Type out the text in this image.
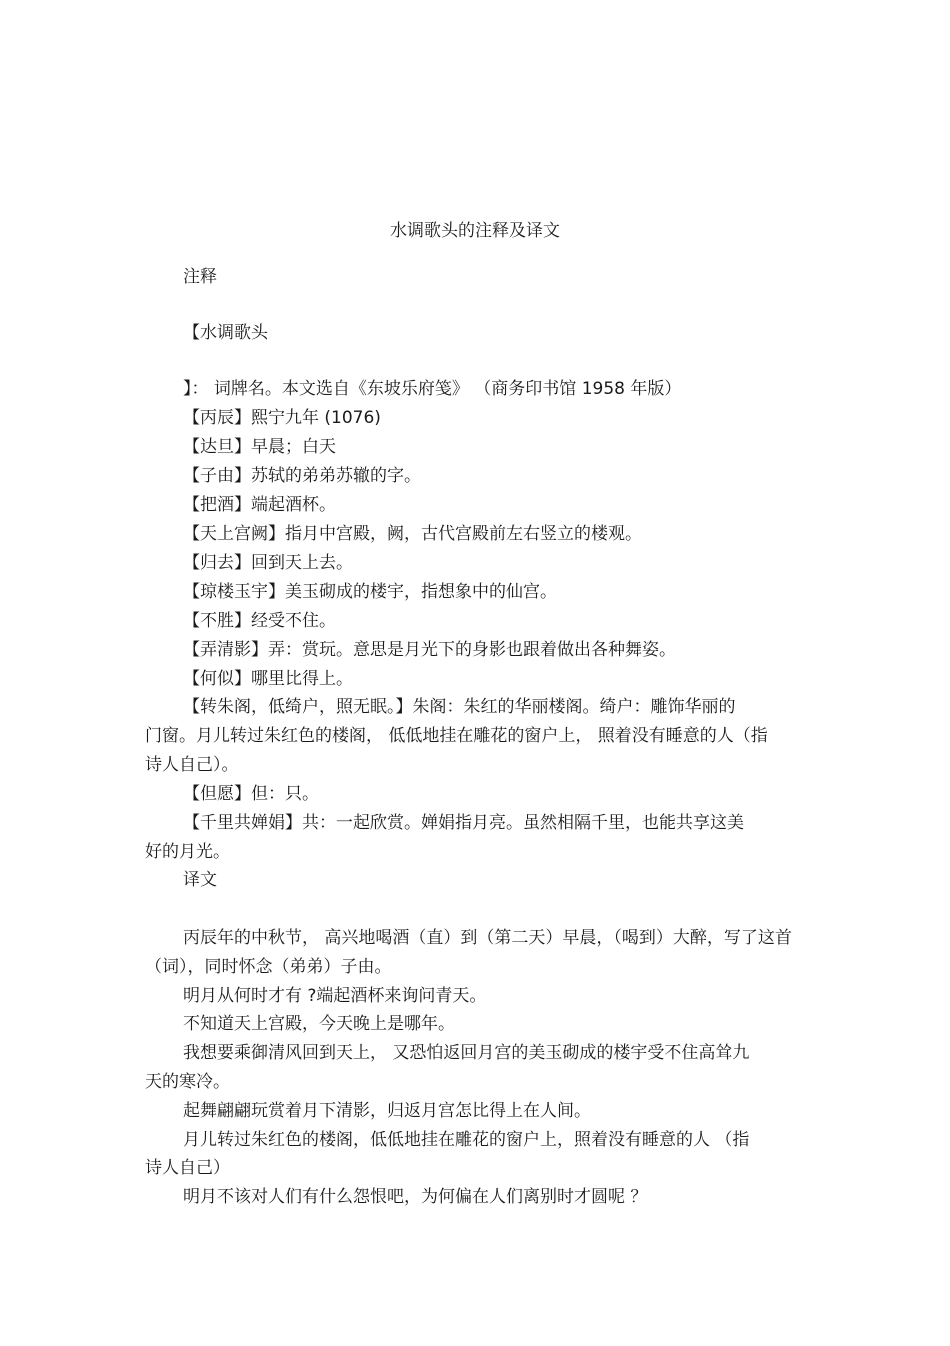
水调歌头的注释及译文
注释
【水调歌头
】： 词牌名。本文选自《东坡乐府笺》 （商务印书馆 1958 年版）
【丙辰】熙宁九年 (1076)
【达旦】早晨；白天
【子由】苏轼的弟弟苏辙的字。
【把酒】端起酒杯。
【天上宫阙】指月中宫殿，阙，古代宫殿前左右竖立的楼观。
【归去】回到天上去。
【琼楼玉宇】美玉砌成的楼宇，指想象中的仙宫。
【不胜】经受不住。
【弄清影】弄：赏玩。意思是月光下的身影也跟着做出各种舞姿。
【何似】哪里比得上。
【转朱阁，低绮户，照无眠。】朱阁：朱红的华丽楼阁。绮户：雕饰华丽的
门窗。月儿转过朱红色的楼阁， 低低地挂在雕花的窗户上， 照着没有睡意的人（指
诗人自己）。
【但愿】但：只。
【千里共婵娟】共：一起欣赏。婵娟指月亮。虽然相隔千里，也能共享这美
好的月光。
译文
丙辰年的中秋节， 高兴地喝酒（直）到（第二天）早晨，（喝到）大醉，写了这首
（词），同时怀念（弟弟）子由。
明月从何时才有 ?端起酒杯来询问青天。
不知道天上宫殿，今天晚上是哪年。
我想要乘御清风回到天上， 又恐怕返回月宫的美玉砌成的楼宇受不住高耸九
天的寒冷。
起舞翩翩玩赏着月下清影，归返月宫怎比得上在人间。
月儿转过朱红色的楼阁，低低地挂在雕花的窗户上，照着没有睡意的人 （指
诗人自己）
明月不该对人们有什么怨恨吧，为何偏在人们离别时才圆呢 ？
